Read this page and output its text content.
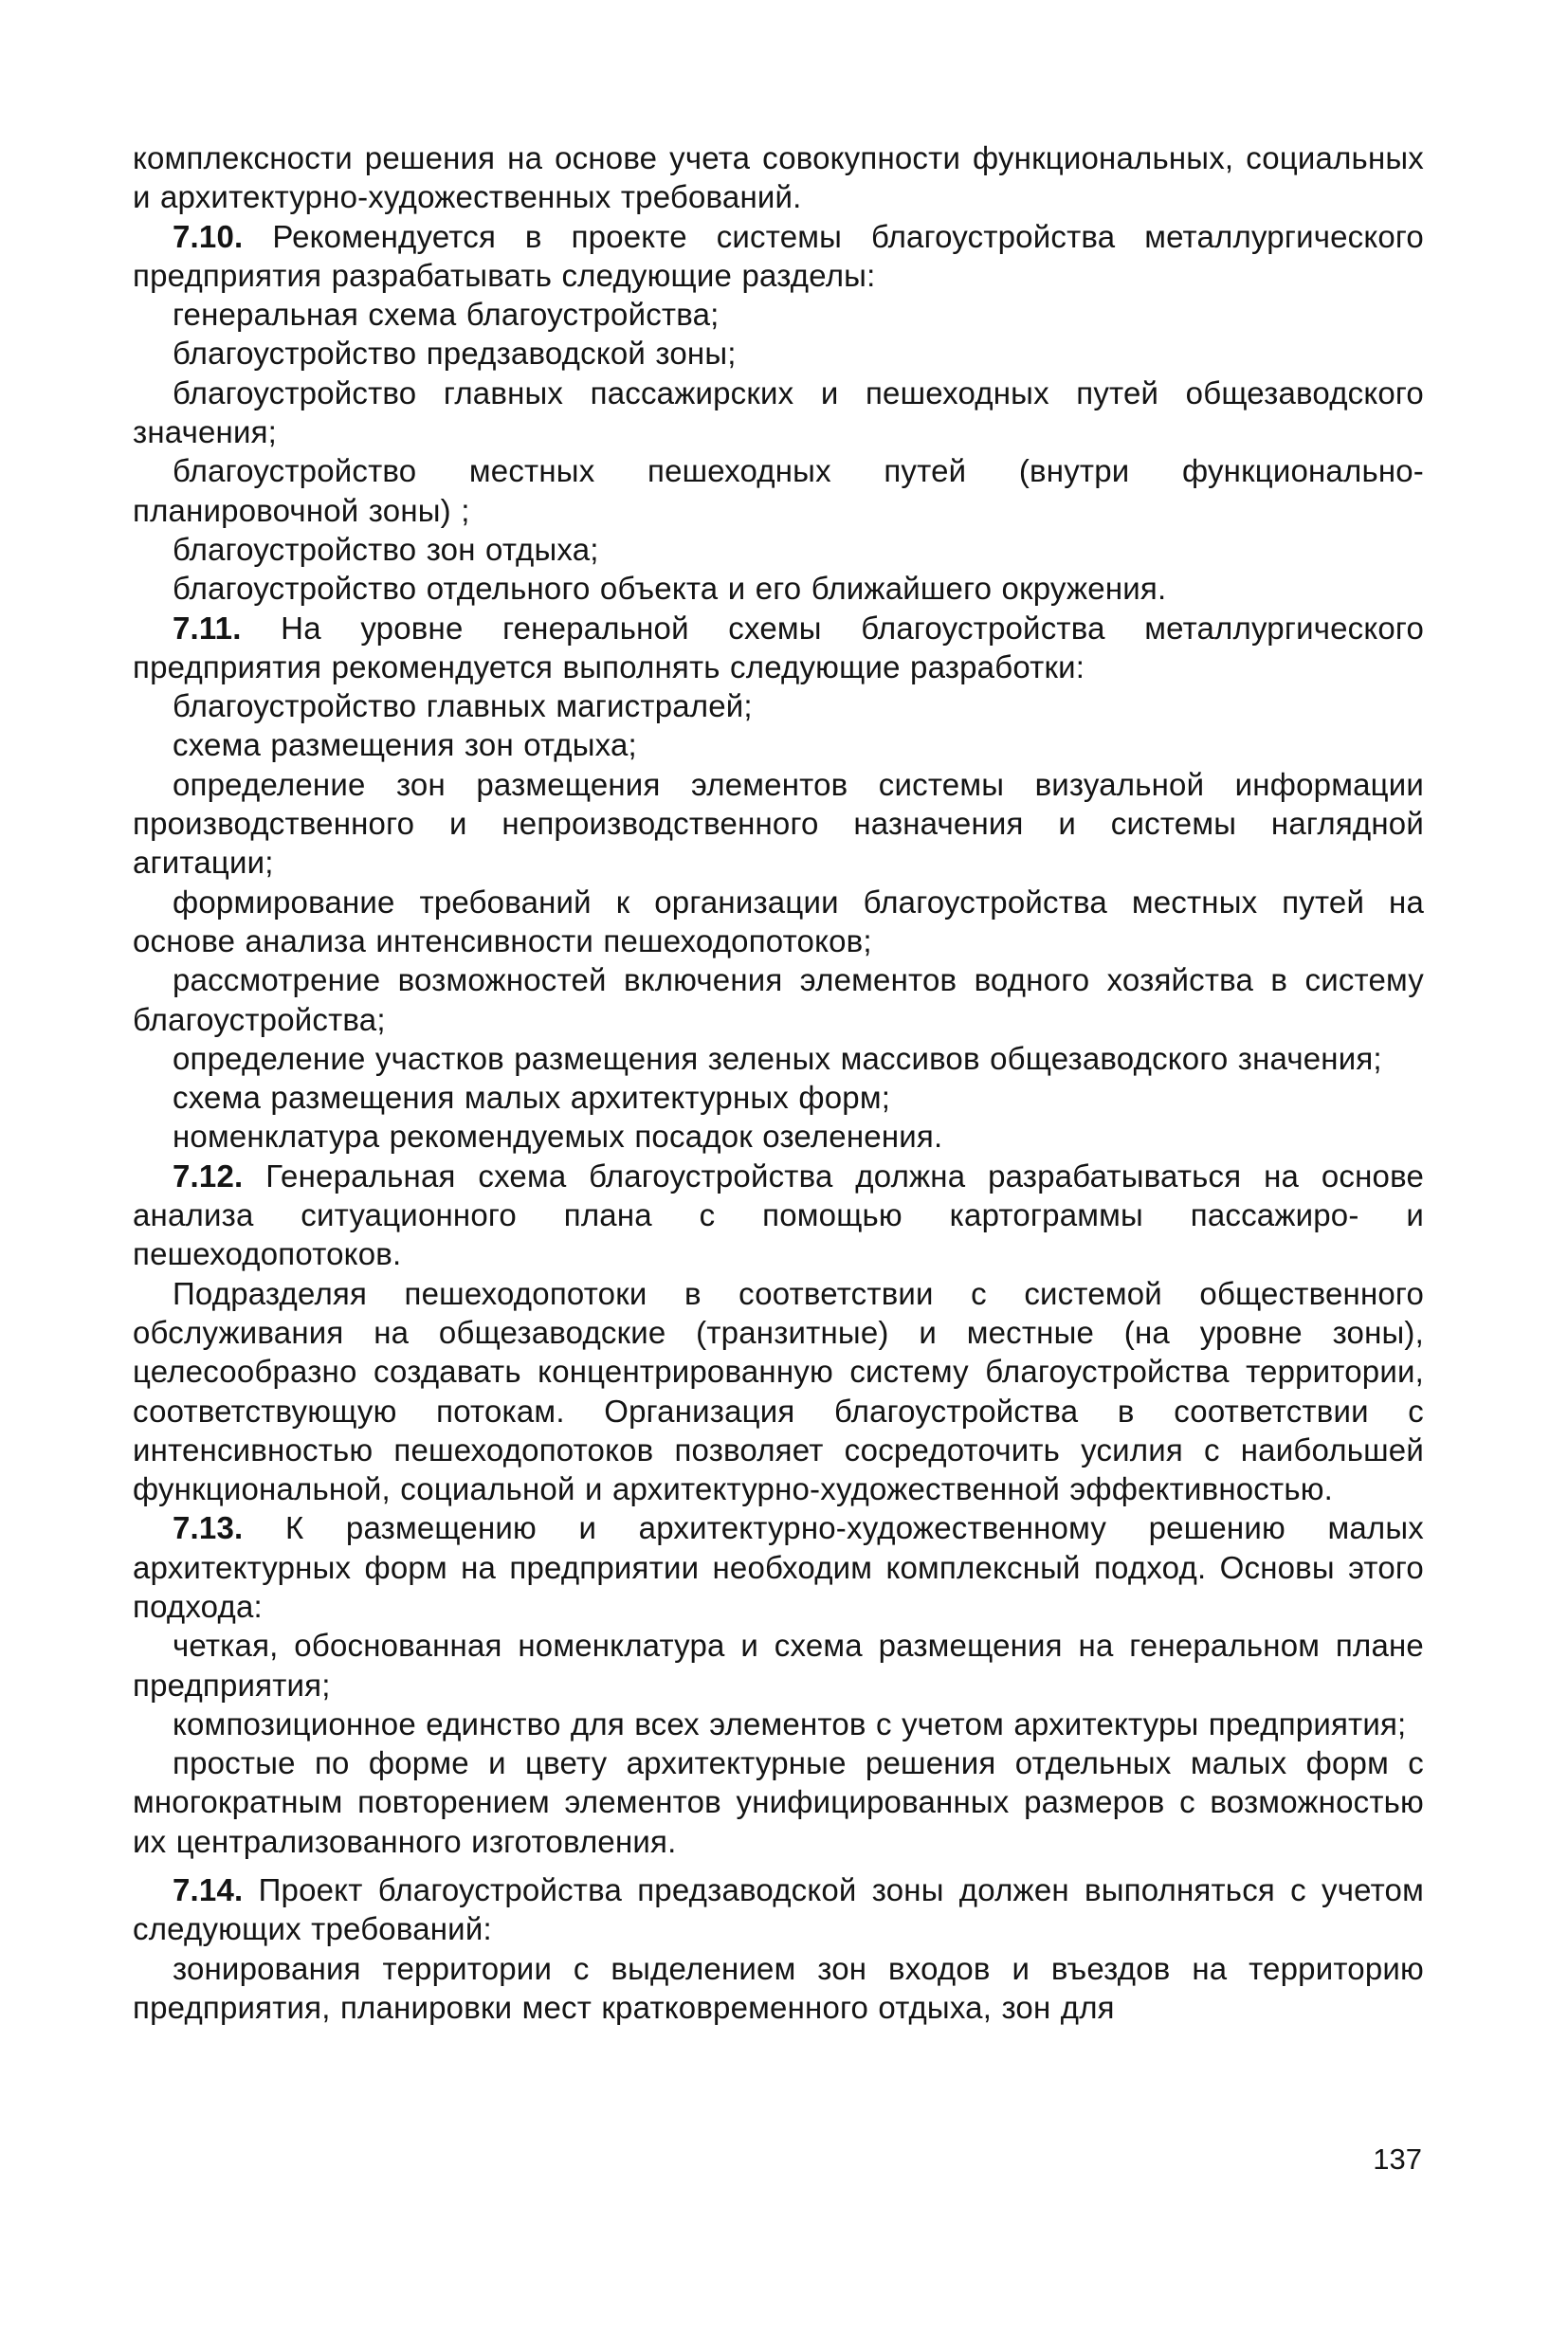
комплексности решения на основе учета совокупности функциональных, социальных и архитектурно-художественных требований.

7.10. Рекомендуется в проекте системы благоустройства металлургического предприятия разрабатывать следующие разделы:

генеральная схема благоустройства;

благоустройство предзаводской зоны;

благоустройство главных пассажирских и пешеходных путей общезаводского значения;

благоустройство местных пешеходных путей (внутри функционально-планировочной зоны) ;

благоустройство зон отдыха;

благоустройство отдельного объекта и его ближайшего окружения.

7.11. На уровне генеральной схемы благоустройства металлургического предприятия рекомендуется выполнять следующие разработки:

благоустройство главных магистралей;

схема размещения зон отдыха;

определение зон размещения элементов системы визуальной информации производственного и непроизводственного назначения и системы наглядной агитации;

формирование требований к организации благоустройства местных путей на основе анализа интенсивности пешеходопотоков;

рассмотрение возможностей включения элементов водного хозяйства в систему благоустройства;

определение участков размещения зеленых массивов общезаводского значения;

схема размещения малых архитектурных форм;

номенклатура рекомендуемых посадок озеленения.

7.12. Генеральная схема благоустройства должна разрабатываться на основе анализа ситуационного плана с помощью картограммы пассажиро- и пешеходопотоков.

Подразделяя пешеходопотоки в соответствии с системой общественного обслуживания на общезаводские (транзитные) и местные (на уровне зоны), целесообразно создавать концентрированную систему благоустройства территории, соответствующую потокам. Организация благоустройства в соответствии с интенсивностью пешеходопотоков позволяет сосредоточить усилия с наибольшей функциональной, социальной и архитектурно-художественной эффективностью.

7.13. К размещению и архитектурно-художественному решению малых архитектурных форм на предприятии необходим комплексный подход. Основы этого подхода:

четкая, обоснованная номенклатура и схема размещения на генеральном плане предприятия;

композиционное единство для всех элементов с учетом архитектуры предприятия;

простые по форме и цвету архитектурные решения отдельных малых форм с многократным повторением элементов унифицированных размеров с возможностью их централизованного изготовления.

7.14. Проект благоустройства предзаводской зоны должен выполняться с учетом следующих требований:

зонирования территории с выделением зон входов и въездов на территорию предприятия, планировки мест кратковременного отдыха, зон для

137
